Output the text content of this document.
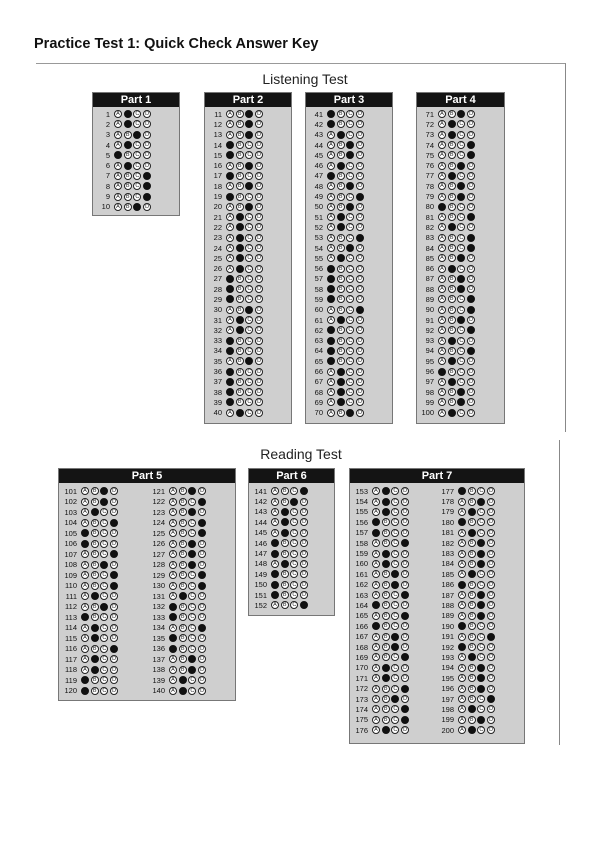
Practice Test 1: Quick Check Answer Key
Listening Test
Reading Test
Part 1
1	A	C	D
2	A	C	D
3	A	B	D
4	A	C	D
5	B	C	D
6	A	C	D
7	A	B	C
8	A	B	C
9	A	B	C
10	A	B	D
Part 2
11	A	B	D
12	A	B	D
13	A	B	D
14	B	C	D
15	B	C	D
16	A	B	D
17	B	C	D
18	A	B	D
19	B	C	D
20	A	B	D
21	A	C	D
22	A	C	D
23	A	C	D
24	A	C	D
25	A	C	D
26	A	C	D
27	B	C	D
28	B	C	D
29	B	C	D
30	A	B	D
31	A	C	D
32	A	C	D
33	B	C	D
34	B	C	D
35	A	B	D
36	B	C	D
37	B	C	D
38	B	C	D
39	B	C	D
40	A	C	D
Part 3
41	B	C	D
42	B	C	D
43	A	C	D
44	A	B	D
45	A	B	D
46	A	C	D
47	B	C	D
48	A	B	D
49	A	B	C
50	A	B	D
51	A	C	D
52	A	C	D
53	A	B	C
54	A	B	D
55	A	C	D
56	B	C	D
57	B	C	D
58	B	C	D
59	B	C	D
60	A	B	C
61	A	C	D
62	B	C	D
63	B	C	D
64	B	C	D
65	B	C	D
66	A	C	D
67	A	C	D
68	A	C	D
69	A	C	D
70	A	B	D
Part 4
71	A	B	D
72	A	C	D
73	A	C	D
74	A	B	C
75	A	B	C
76	A	B	D
77	A	C	D
78	A	B	D
79	A	B	D
80	B	C	D
81	A	B	C
82	A	C	D
83	A	B	C
84	A	B	C
85	A	B	D
86	A	C	D
87	A	B	D
88	A	B	D
89	A	B	C
90	A	B	C
91	A	B	D
92	A	B	C
93	A	C	D
94	A	B	C
95	A	C	D
96	B	C	D
97	A	C	D
98	A	B	D
99	A	B	D
100	A	C	D
Part 5
101	A	B	D
102	A	B	D
103	A	C	D
104	A	B	C
105	B	C	D
106	B	C	D
107	A	B	C
108	A	B	D
109	A	B	C
110	A	B	C
111	A	C	D
112	A	B	D
113	B	C	D
114	A	C	D
115	A	C	D
116	A	B	C
117	A	C	D
118	A	C	D
119	B	C	D
120	B	C	D
121	A	B	D
122	A	B	C
123	A	B	D
124	A	B	C
125	A	B	C
126	A	B	D
127	A	B	D
128	A	B	D
129	A	B	C
130	A	B	C
131	A	C	D
132	B	C	D
133	B	C	D
134	A	B	C
135	B	C	D
136	B	C	D
137	A	B	D
138	A	B	D
139	A	C	D
140	A	C	D
Part 6
141	A	B	C
142	A	B	D
143	A	C	D
144	A	C	D
145	A	C	D
146	B	C	D
147	B	C	D
148	A	C	D
149	B	C	D
150	B	C	D
151	B	C	D
152	A	B	C
Part 7
153	A	C	D
154	A	C	D
155	A	C	D
156	B	C	D
157	B	C	D
158	A	B	C
159	A	C	D
160	A	C	D
161	A	B	D
162	A	B	D
163	A	B	C
164	B	C	D
165	A	B	C
166	B	C	D
167	A	B	D
168	A	B	D
169	A	B	C
170	A	C	D
171	A	C	D
172	A	B	C
173	A	B	D
174	A	B	C
175	A	B	C
176	A	C	D
177	B	C	D
178	A	B	D
179	A	C	D
180	B	C	D
181	A	C	D
182	A	B	D
183	A	B	D
184	A	B	D
185	A	C	D
186	B	C	D
187	A	B	D
188	A	B	D
189	A	B	D
190	B	C	D
191	A	B	C
192	B	C	D
193	A	C	D
194	A	B	D
195	A	B	D
196	A	B	D
197	A	B	C
198	A	C	D
199	A	B	D
200	A	C	D
